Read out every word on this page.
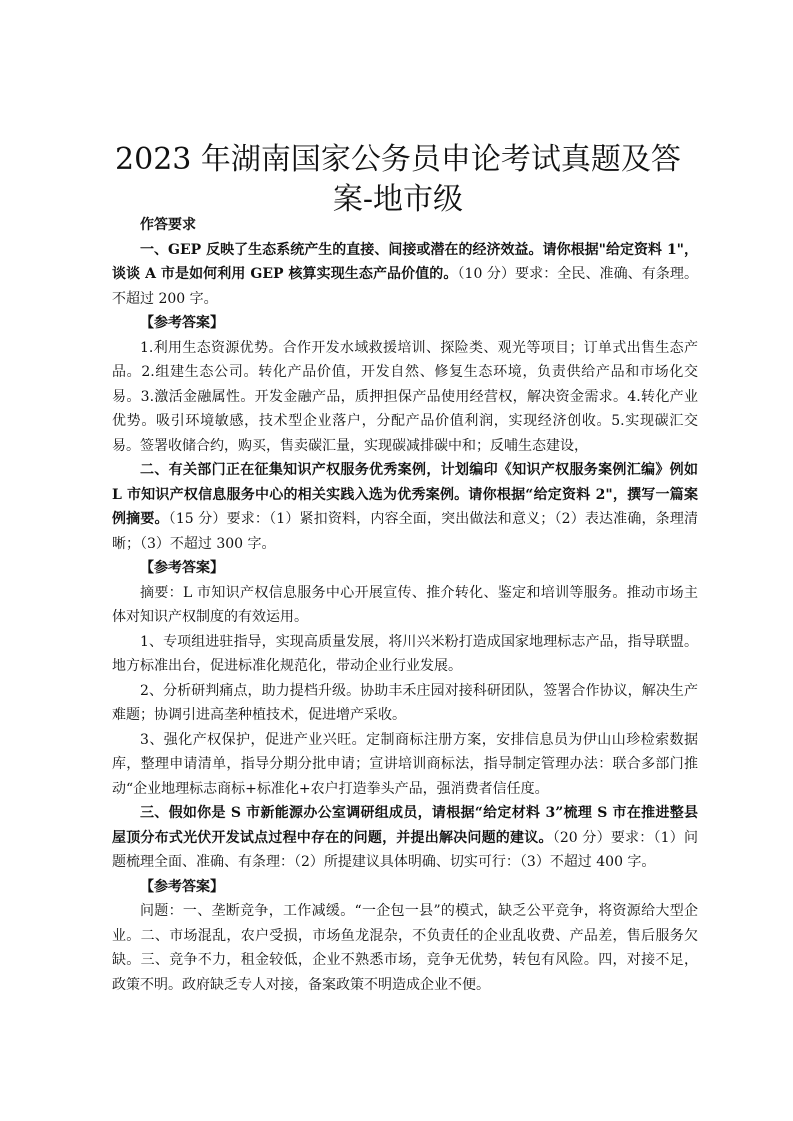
2023 年湖南国家公务员申论考试真题及答案-地市级

作答要求

一、GEP 反映了生态系统产生的直接、间接或潜在的经济效益。请你根据"给定资料 1"，谈谈 A 市是如何利用 GEP 核算实现生态产品价值的。（10 分）要求：全民、准确、有条理。不超过 200 字。

【参考答案】

1.利用生态资源优势。合作开发水域救援培训、探险类、观光等项目；订单式出售生态产品。2.组建生态公司。转化产品价值，开发自然、修复生态环境，负责供给产品和市场化交易。3.激活金融属性。开发金融产品，质押担保产品使用经营权，解决资金需求。4.转化产业优势。吸引环境敏感，技术型企业落户，分配产品价值利润，实现经济创收。5.实现碳汇交易。签署收储合约，购买，售卖碳汇量，实现碳减排碳中和；反哺生态建设，

二、有关部门正在征集知识产权服务优秀案例，计划编印《知识产权服务案例汇编》例如 L 市知识产权信息服务中心的相关实践入选为优秀案例。请你根据“给定资料 2"，撰写一篇案例摘要。（15 分）要求：（1）紧扣资料，内容全面，突出做法和意义；（2）表达准确，条理清晰；（3）不超过 300 字。

【参考答案】

摘要：L 市知识产权信息服务中心开展宣传、推介转化、鉴定和培训等服务。推动市场主体对知识产权制度的有效运用。

1、专项组进驻指导，实现高质量发展，将川兴米粉打造成国家地理标志产品，指导联盟。地方标准出台，促进标准化规范化，带动企业行业发展。

2、分析研判痛点，助力提档升级。协助丰禾庄园对接科研团队，签署合作协议，解决生产难题；协调引进高垄种植技术，促进增产采收。

3、强化产权保护，促进产业兴旺。定制商标注册方案，安排信息员为伊山山珍检索数据库，整理申请清单，指导分期分批申请；宣讲培训商标法，指导制定管理办法：联合多部门推动“企业地理标志商标+标准化+农户打造拳头产品，强消费者信任度。

三、假如你是 S 市新能源办公室调研组成员，请根据“给定材料 3”梳理 S 市在推进整县屋顶分布式光伏开发试点过程中存在的问题，并提出解决问题的建议。（20 分）要求：（1）问题梳理全面、准确、有条理：（2）所提建议具体明确、切实可行：（3）不超过 400 字。

【参考答案】

问题：一、垄断竞争，工作减缓。“一企包一县”的模式，缺乏公平竞争，将资源给大型企业。二、市场混乱，农户受损，市场鱼龙混杂，不负责任的企业乱收费、产品差，售后服务欠缺。三、竞争不力，租金较低，企业不熟悉市场，竞争无优势，转包有风险。四，对接不足，政策不明。政府缺乏专人对接，备案政策不明造成企业不便。
